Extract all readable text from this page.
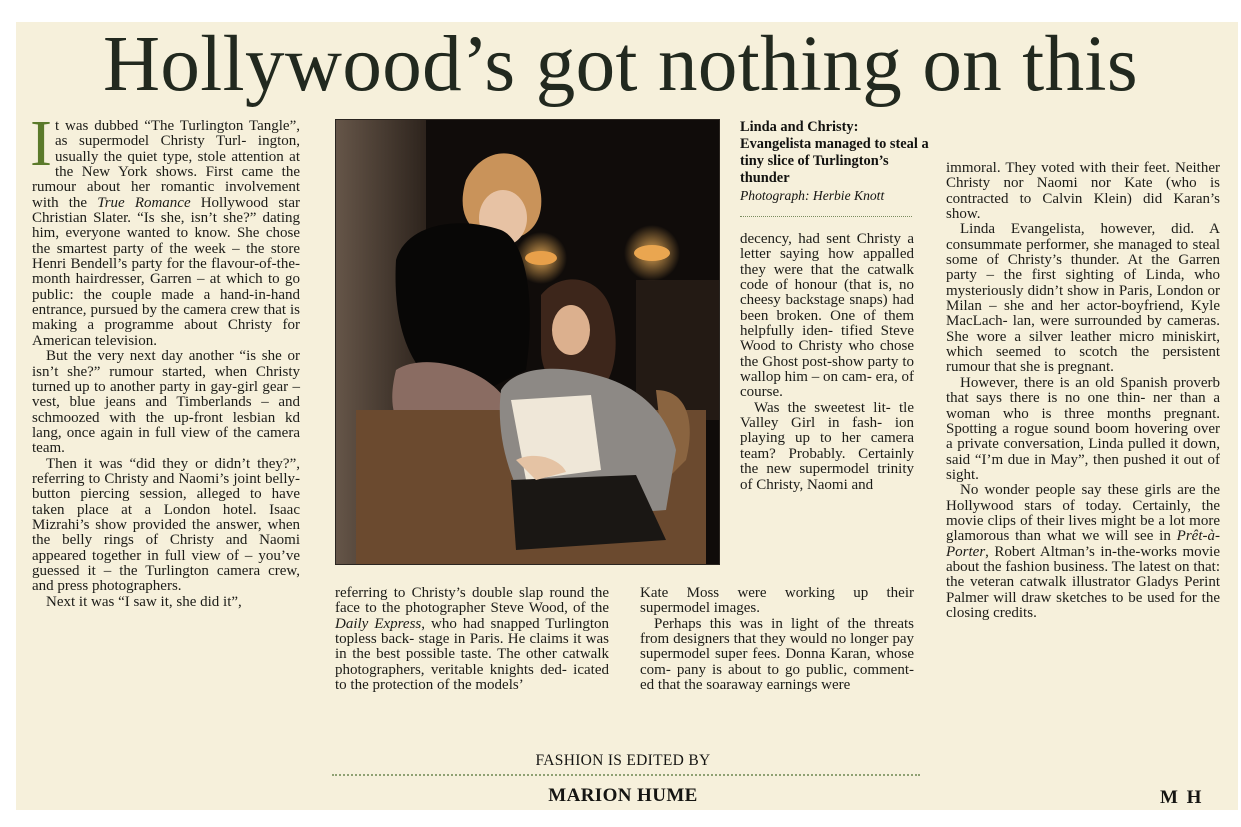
Hollywood’s got nothing on this

It was dubbed “The Turlington Tangle”, as supermodel Christy Turl- ington, usually the quiet type, stole attention at the New York shows. First came the rumour about her romantic involvement with the True Romance Hollywood star Christian Slater. “Is she, isn’t she?” dating him, everyone wanted to know. She chose the smartest party of the week – the store Henri Bendell’s party for the flavour-of-the-month hairdresser, Garren – at which to go public: the couple made a hand-in-hand entrance, pursued by the camera crew that is making a programme about Christy for American television.

But the very next day another “is she or isn’t she?” rumour started, when Christy turned up to another party in gay-girl gear – vest, blue jeans and Timberlands – and schmoozed with the up-front lesbian kd lang, once again in full view of the camera team.

Then it was “did they or didn’t they?”, referring to Christy and Naomi’s joint belly-button piercing session, alleged to have taken place at a London hotel. Isaac Mizrahi’s show provided the answer, when the belly rings of Christy and Naomi appeared together in full view of – you’ve guessed it – the Turlington camera crew, and press photographers.

Next it was “I saw it, she did it”,

referring to Christy’s double slap round the face to the photographer Steve Wood, of the Daily Express, who had snapped Turlington topless back- stage in Paris. He claims it was in the best possible taste. The other catwalk photographers, veritable knights ded- icated to the protection of the models’

Linda and Christy: Evangelista managed to steal a tiny slice of Turlington’s thunder
Photograph: Herbie Knott

decency, had sent Christy a letter saying how appalled they were that the catwalk code of honour (that is, no cheesy backstage snaps) had been broken. One of them helpfully iden- tified Steve Wood to Christy who chose the Ghost post-show party to wallop him – on cam- era, of course.

Was the sweetest lit- tle Valley Girl in fash- ion playing up to her camera team? Probably. Certainly the new supermodel trinity of Christy, Naomi and

Kate Moss were working up their supermodel images.

Perhaps this was in light of the threats from designers that they would no longer pay supermodel super fees. Donna Karan, whose com- pany is about to go public, comment- ed that the soaraway earnings were

immoral. They voted with their feet. Neither Christy nor Naomi nor Kate (who is contracted to Calvin Klein) did Karan’s show.

Linda Evangelista, however, did. A consummate performer, she managed to steal some of Christy’s thunder. At the Garren party – the first sighting of Linda, who mysteriously didn’t show in Paris, London or Milan – she and her actor-boyfriend, Kyle MacLach- lan, were surrounded by cameras. She wore a silver leather micro miniskirt, which seemed to scotch the persistent rumour that she is pregnant.

However, there is an old Spanish proverb that says there is no one thin- ner than a woman who is three months pregnant. Spotting a rogue sound boom hovering over a private conversation, Linda pulled it down, said “I’m due in May”, then pushed it out of sight.

No wonder people say these girls are the Hollywood stars of today. Certainly, the movie clips of their lives might be a lot more glamorous than what we will see in Prêt-à-Porter, Robert Altman’s in-the-works movie about the fashion business. The latest on that: the veteran catwalk illustrator Gladys Perint Palmer will draw sketches to be used for the closing credits.

FASHION IS EDITED BY
MARION HUME	M H
